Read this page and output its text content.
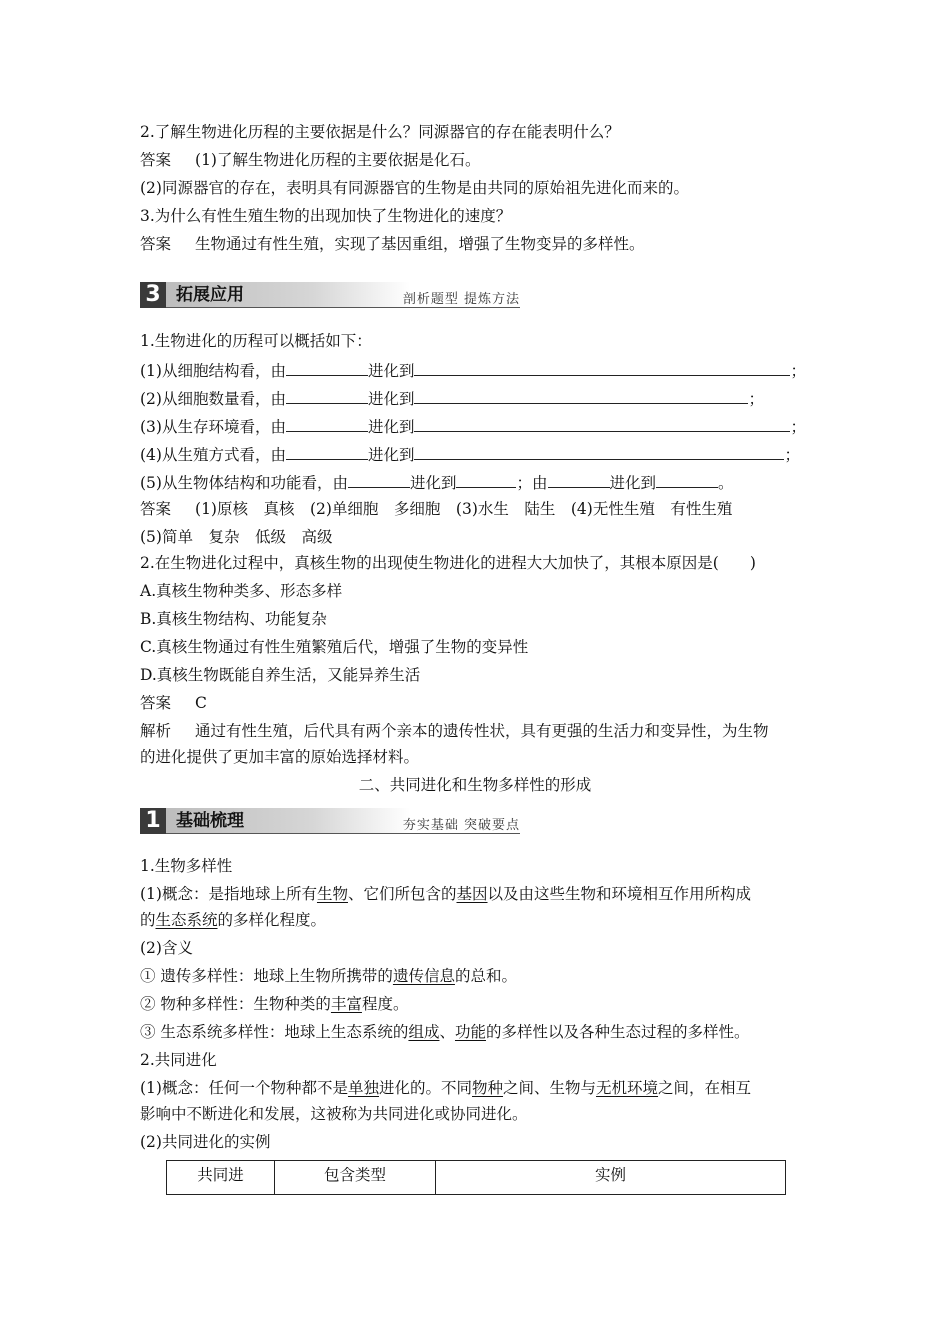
2.了解生物进化历程的主要依据是什么？同源器官的存在能表明什么？
答案 (1)了解生物进化历程的主要依据是化石。
(2)同源器官的存在，表明具有同源器官的生物是由共同的原始祖先进化而来的。
3.为什么有性生殖生物的出现加快了生物进化的速度？
答案 生物通过有性生殖，实现了基因重组，增强了生物变异的多样性。
3 拓展应用	剖析题型 提炼方法
1.生物进化的历程可以概括如下：
(1)从细胞结构看，由	进化到	；
(2)从细胞数量看，由	进化到	；
(3)从生存环境看，由	进化到	；
(4)从生殖方式看，由	进化到	；
(5)从生物体结构和功能看，由	进化到	；由	进化到	。
答案 (1)原核　真核　(2)单细胞　多细胞　(3)水生　陆生　(4)无性生殖　有性生殖
(5)简单　复杂　低级　高级
2.在生物进化过程中，真核生物的出现使生物进化的进程大大加快了，其根本原因是(　　)
A.真核生物种类多、形态多样
B.真核生物结构、功能复杂
C.真核生物通过有性生殖繁殖后代，增强了生物的变异性
D.真核生物既能自养生活，又能异养生活
答案 C
解析 通过有性生殖，后代具有两个亲本的遗传性状，具有更强的生活力和变异性，为生物
的进化提供了更加丰富的原始选择材料。
二、共同进化和生物多样性的形成
1 基础梳理	夯实基础 突破要点
1.生物多样性
(1)概念：是指地球上所有生物、它们所包含的基因以及由这些生物和环境相互作用所构成
的生态系统的多样化程度。
(2)含义
① 遗传多样性：地球上生物所携带的遗传信息的总和。
② 物种多样性：生物种类的丰富程度。
③ 生态系统多样性：地球上生态系统的组成、功能的多样性以及各种生态过程的多样性。
2.共同进化
(1)概念：任何一个物种都不是单独进化的。不同物种之间、生物与无机环境之间，在相互
影响中不断进化和发展，这被称为共同进化或协同进化。
(2)共同进化的实例
共同进	包含类型	实例
